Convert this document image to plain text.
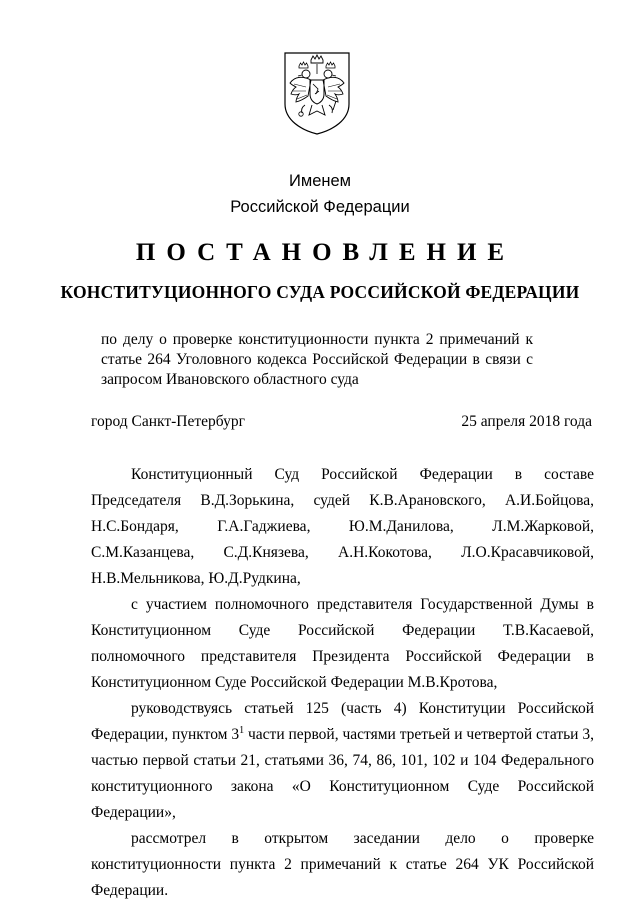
Именем
Российской Федерации
ПОСТАНОВЛЕНИЕ
КОНСТИТУЦИОННОГО СУДА РОССИЙСКОЙ ФЕДЕРАЦИИ
по делу о проверке конституционности пункта 2 примечаний к статье 264 Уголовного кодекса Российской Федерации в связи с запросом Ивановского областного суда
город Санкт-Петербург	25 апреля 2018 года

Конституционный Суд Российской Федерации в составе Председателя В.Д.Зорькина, судей К.В.Арановского, А.И.Бойцова, Н.С.Бондаря, Г.А.Гаджиева, Ю.М.Данилова, Л.М.Жарковой, С.М.Казанцева, С.Д.Князева, А.Н.Кокотова, Л.О.Красавчиковой, Н.В.Мельникова, Ю.Д.Рудкина,

с участием полномочного представителя Государственной Думы в Конституционном Суде Российской Федерации Т.В.Касаевой, полномочного представителя Президента Российской Федерации в Конституционном Суде Российской Федерации М.В.Кротова,

руководствуясь статьей 125 (часть 4) Конституции Российской Федерации, пунктом $3^1$ части первой, частями третьей и четвертой статьи 3, частью первой статьи 21, статьями 36, 74, 86, 101, 102 и 104 Федерального конституционного закона «О Конституционном Суде Российской Федерации»,

рассмотрел в открытом заседании дело о проверке конституционности пункта 2 примечаний к статье 264 УК Российской Федерации.
